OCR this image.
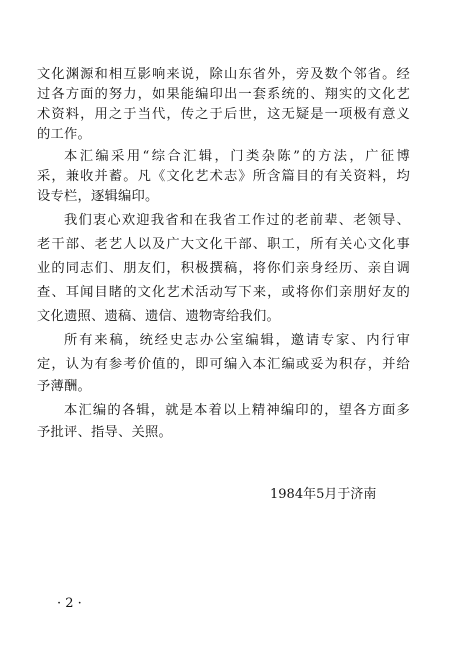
文化渊源和相互影响来说，除山东省外，旁及数个邻省。经
过各方面的努力，如果能编印出一套系统的、翔实的文化艺
术资料，用之于当代，传之于后世，这无疑是一项极有意义
的工作。
本汇编采用“综合汇辑，门类杂陈”的方法，广征博
采，兼收并蓄。凡《文化艺术志》所含篇目的有关资料，均
设专栏，逐辑编印。
我们衷心欢迎我省和在我省工作过的老前辈、老领导、
老干部、老艺人以及广大文化干部、职工，所有关心文化事
业的同志们、朋友们，积极撰稿，将你们亲身经历、亲自调
查、耳闻目睹的文化艺术活动写下来，或将你们亲朋好友的
文化遗照、遗稿、遗信、遗物寄给我们。
所有来稿，统经史志办公室编辑，邀请专家、内行审
定，认为有参考价值的，即可编入本汇编或妥为积存，并给
予薄酬。
本汇编的各辑，就是本着以上精神编印的，望各方面多
予批评、指导、关照。
1984年5月于济南
· 2 ·
